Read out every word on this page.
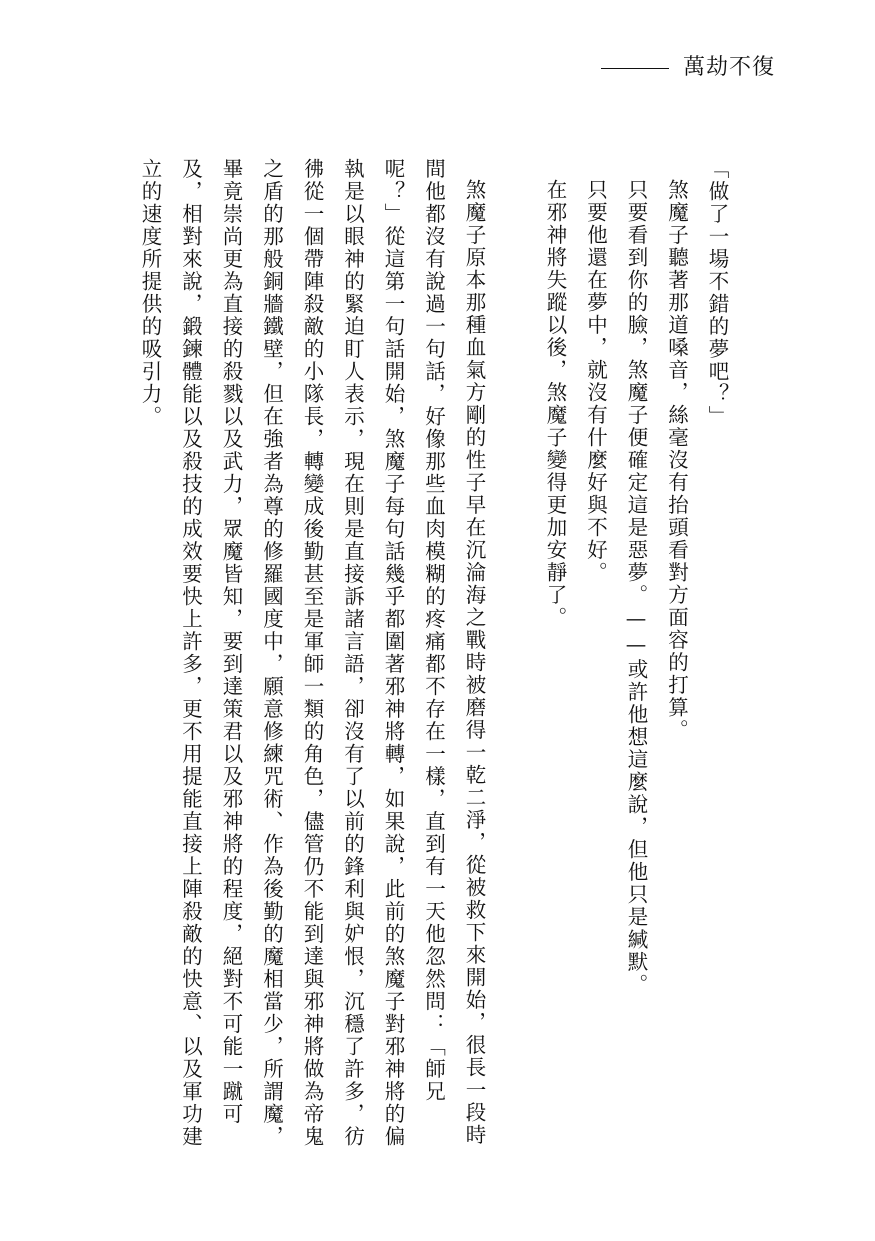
萬劫不復

「做了一場不錯的夢吧？」

煞魔子聽著那道嗓音，絲毫沒有抬頭看對方面容的打算。

只要看到你的臉，煞魔子便確定這是惡夢。——或許他想這麼說，但他只是緘默。

只要他還在夢中，就沒有什麼好與不好。

在邪神將失蹤以後，煞魔子變得更加安靜了。

煞魔子原本那種血氣方剛的性子早在沉淪海之戰時被磨得一乾二淨，從被救下來開始，很長一段時間他都沒有說過一句話，好像那些血肉模糊的疼痛都不存在一樣，直到有一天他忽然問：「師兄呢？」從這第一句話開始，煞魔子每句話幾乎都圍著邪神將轉，如果說，此前的煞魔子對邪神將的偏執是以眼神的緊迫盯人表示，現在則是直接訴諸言語，卻沒有了以前的鋒利與妒恨，沉穩了許多，彷彿從一個帶陣殺敵的小隊長，轉變成後勤甚至是軍師一類的角色，儘管仍不能到達與邪神將做為帝鬼之盾的那般銅牆鐵壁，但在強者為尊的修羅國度中，願意修練咒術、作為後勤的魔相當少，所謂魔，畢竟崇尚更為直接的殺戮以及武力，眾魔皆知，要到達策君以及邪神將的程度，絕對不可能一蹴可及，相對來說，鍛鍊體能以及殺技的成效要快上許多，更不用提能直接上陣殺敵的快意、以及軍功建立的速度所提供的吸引力。
